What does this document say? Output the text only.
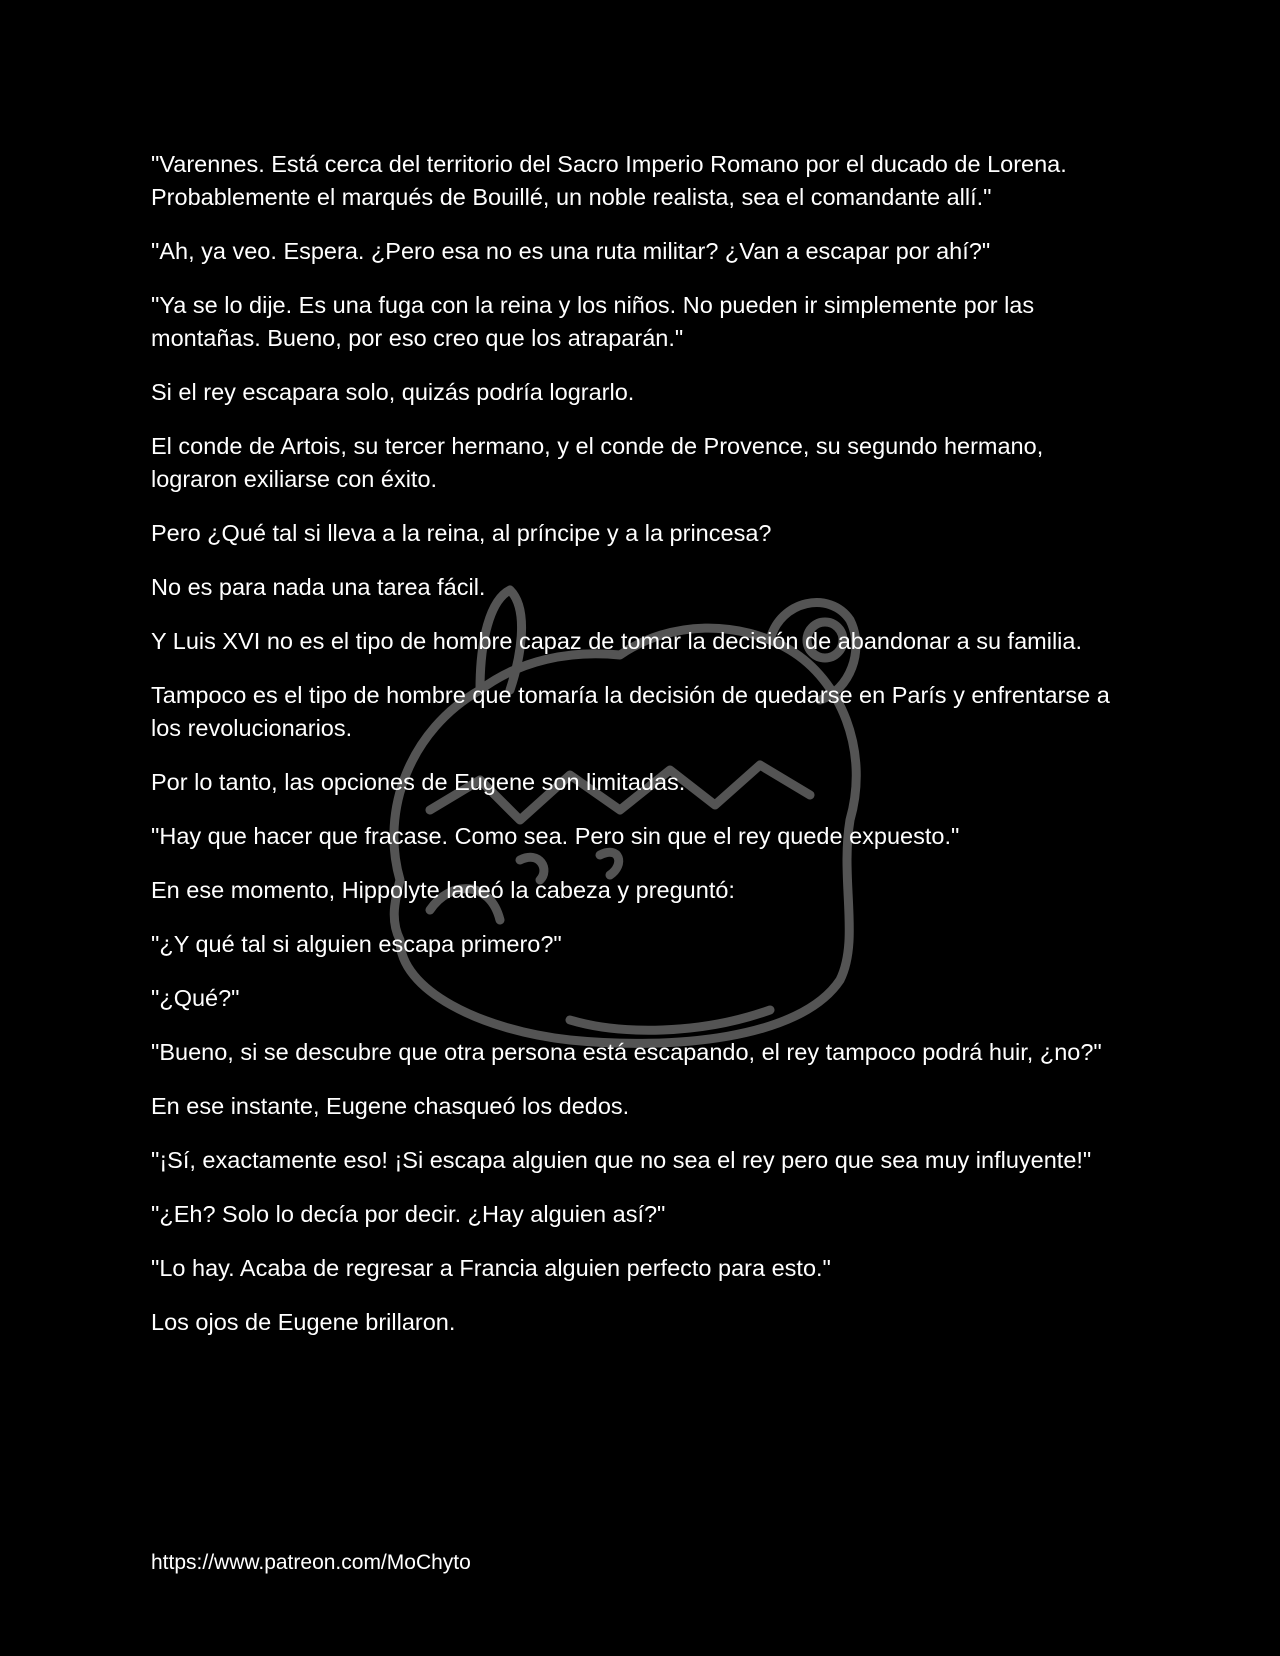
"Varennes. Está cerca del territorio del Sacro Imperio Romano por el ducado de Lorena. Probablemente el marqués de Bouillé, un noble realista, sea el comandante allí."

"Ah, ya veo. Espera. ¿Pero esa no es una ruta militar? ¿Van a escapar por ahí?"

"Ya se lo dije. Es una fuga con la reina y los niños. No pueden ir simplemente por las montañas. Bueno, por eso creo que los atraparán."

Si el rey escapara solo, quizás podría lograrlo.

El conde de Artois, su tercer hermano, y el conde de Provence, su segundo hermano, lograron exiliarse con éxito.

Pero ¿Qué tal si lleva a la reina, al príncipe y a la princesa?

No es para nada una tarea fácil.

Y Luis XVI no es el tipo de hombre capaz de tomar la decisión de abandonar a su familia.

Tampoco es el tipo de hombre que tomaría la decisión de quedarse en París y enfrentarse a los revolucionarios.

Por lo tanto, las opciones de Eugene son limitadas.

"Hay que hacer que fracase. Como sea. Pero sin que el rey quede expuesto."

En ese momento, Hippolyte ladeó la cabeza y preguntó:

"¿Y qué tal si alguien escapa primero?"

"¿Qué?"

"Bueno, si se descubre que otra persona está escapando, el rey tampoco podrá huir, ¿no?"

En ese instante, Eugene chasqueó los dedos.

"¡Sí, exactamente eso! ¡Si escapa alguien que no sea el rey pero que sea muy influyente!"

"¿Eh? Solo lo decía por decir. ¿Hay alguien así?"

"Lo hay. Acaba de regresar a Francia alguien perfecto para esto."

Los ojos de Eugene brillaron.

https://www.patreon.com/MoChyto
